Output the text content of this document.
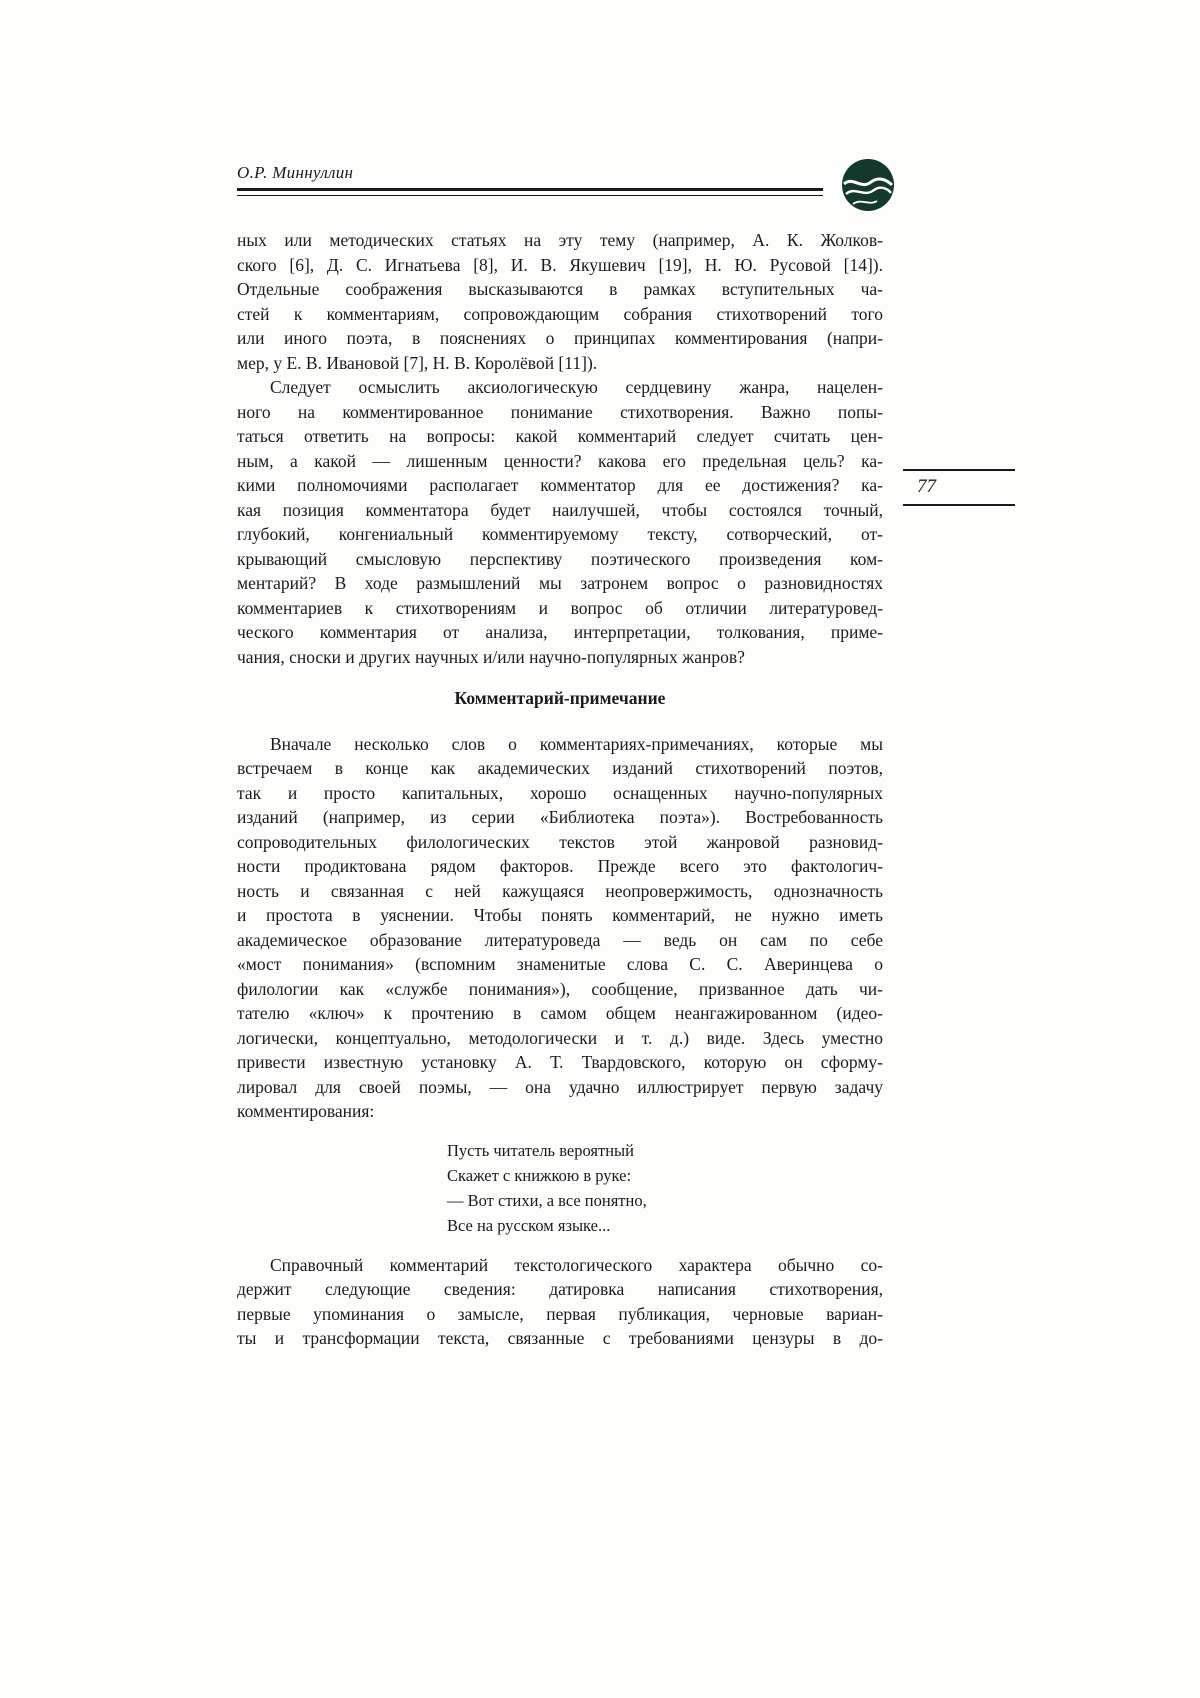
О.Р. Миннуллин
77
ных или методических статьях на эту тему (например, А. К. Жолков-
ского [6], Д. С. Игнатьева [8], И. В. Якушевич [19], Н. Ю. Русовой [14]).
Отдельные соображения высказываются в рамках вступительных ча-
стей к комментариям, сопровождающим собрания стихотворений того
или иного поэта, в пояснениях о принципах комментирования (напри-
мер, у Е. В. Ивановой [7], Н. В. Королёвой [11]).
Следует осмыслить аксиологическую сердцевину жанра, нацелен-
ного на комментированное понимание стихотворения. Важно попы-
таться ответить на вопросы: какой комментарий следует считать цен-
ным, а какой — лишенным ценности? какова его предельная цель? ка-
кими полномочиями располагает комментатор для ее достижения? ка-
кая позиция комментатора будет наилучшей, чтобы состоялся точный,
глубокий, конгениальный комментируемому тексту, сотворческий, от-
крывающий смысловую перспективу поэтического произведения ком-
ментарий? В ходе размышлений мы затронем вопрос о разновидностях
комментариев к стихотворениям и вопрос об отличии литературовед-
ческого комментария от анализа, интерпретации, толкования, приме-
чания, сноски и других научных и/или научно-популярных жанров?
Комментарий-примечание
Вначале несколько слов о комментариях-примечаниях, которые мы
встречаем в конце как академических изданий стихотворений поэтов,
так и просто капитальных, хорошо оснащенных научно-популярных
изданий (например, из серии «Библиотека поэта»). Востребованность
сопроводительных филологических текстов этой жанровой разновид-
ности продиктована рядом факторов. Прежде всего это фактологич-
ность и связанная с ней кажущаяся неопровержимость, однозначность
и простота в уяснении. Чтобы понять комментарий, не нужно иметь
академическое образование литературоведа — ведь он сам по себе
«мост понимания» (вспомним знаменитые слова С. С. Аверинцева о
филологии как «службе понимания»), сообщение, призванное дать чи-
тателю «ключ» к прочтению в самом общем неангажированном (идео-
логически, концептуально, методологически и т. д.) виде. Здесь уместно
привести известную установку А. Т. Твардовского, которую он сформу-
лировал для своей поэмы, — она удачно иллюстрирует первую задачу
комментирования:
Пусть читатель вероятный
Скажет с книжкою в руке:
— Вот стихи, а все понятно,
Все на русском языке...
Справочный комментарий текстологического характера обычно со-
держит следующие сведения: датировка написания стихотворения,
первые упоминания о замысле, первая публикация, черновые вариан-
ты и трансформации текста, связанные с требованиями цензуры в до-
